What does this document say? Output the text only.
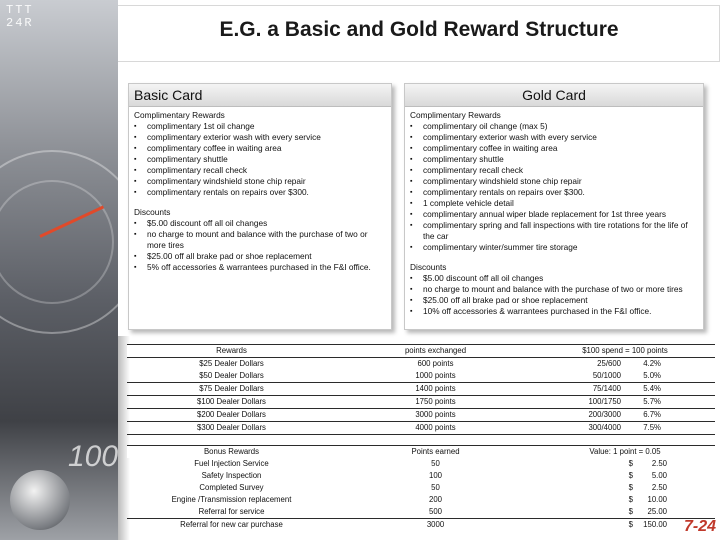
100
TTT
24R	E.G. a Basic and Gold Reward Structure
Basic Card
Complimentary Rewards
▪ complimentary 1st oil change
▪ complimentary exterior wash with every service
▪ complimentary coffee in waiting area
▪ complimentary shuttle
▪ complimentary recall check
▪ complimentary windshield stone chip repair
▪ complimentary rentals on repairs over $300.
Discounts
▪ $5.00 discount off all oil changes
▪ no charge to mount and balance with the purchase of two or more tires
▪ $25.00 off all brake pad or shoe replacement
▪ 5% off accessories & warrantees purchased in the F&I office.
Gold Card
Complimentary Rewards
▪ complimentary oil change (max 5)
▪ complimentary exterior wash with every service
▪ complimentary coffee in waiting area
▪ complimentary shuttle
▪ complimentary recall check
▪ complimentary windshield stone chip repair
▪ complimentary rentals on repairs over $300.
▪ 1 complete vehicle detail
▪ complimentary annual wiper blade replacement for 1st three years
▪ complimentary spring and fall inspections with tire rotations for the life of the car
▪ complimentary winter/summer tire storage
Discounts
▪ $5.00 discount off all oil changes
▪ no charge to mount and balance with the purchase of two or more tires
▪ $25.00 off all brake pad or shoe replacement
▪ 10% off accessories & warrantees purchased in the F&I office.
Rewards	points exchanged	$100 spend = 100 points
$25 Dealer Dollars	600 points	25/600 4.2%
$50 Dealer Dollars	1000 points	50/1000 5.0%
$75 Dealer Dollars	1400 points	75/1400 5.4%
$100 Dealer Dollars	1750 points	100/1750 5.7%
$200 Dealer Dollars	3000 points	200/3000 6.7%
$300 Dealer Dollars	4000 points	300/4000 7.5%
Bonus Rewards	Points earned	Value: 1 point = 0.05
Fuel Injection Service	50	$ 2.50
Safety Inspection	100	$ 5.00
Completed Survey	50	$ 2.50
Engine /Transmission replacement	200	$ 10.00
Referral for service	500	$ 25.00
Referral for new car purchase	3000	$ 150.00 7-24
